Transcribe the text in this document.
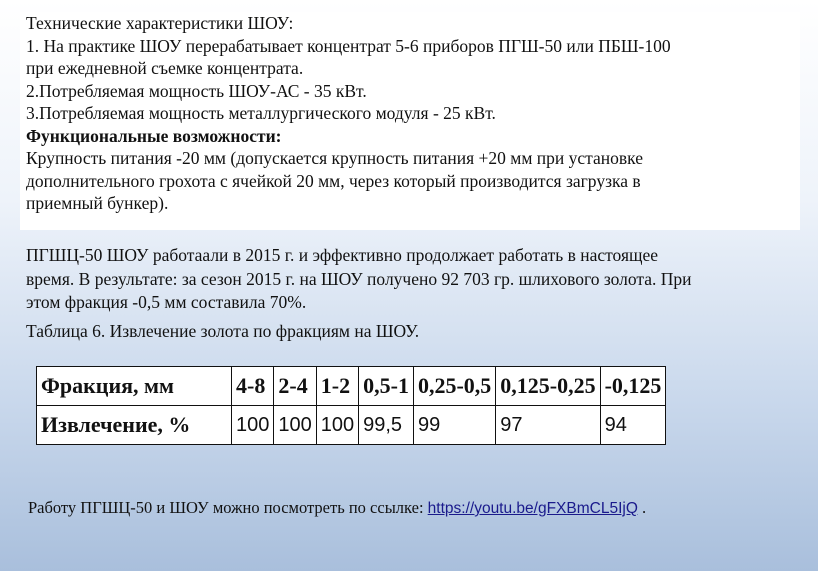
Технические характеристики ШОУ:
1. На практике ШОУ перерабатывает концентрат 5-6 приборов ПГШ-50 или ПБШ-100
при ежедневной съемке концентрата.
2.Потребляемая мощность ШОУ-АС - 35 кВт.
3.Потребляемая мощность металлургического модуля - 25 кВт.
Функциональные возможности:
Крупность питания -20 мм (допускается крупность питания +20 мм при установке
дополнительного грохота с ячейкой 20 мм, через который производится загрузка в
приемный бункер).
ПГШЦ-50 ШОУ работаали в 2015 г. и эффективно продолжает работать в настоящее
время. В результате: за сезон 2015 г. на ШОУ получено 92 703 гр. шлихового золота. При
этом фракция -0,5 мм составила 70%.
Таблица 6. Извлечение золота по фракциям на ШОУ.
Фракция, мм	4-8	2-4	1-2	0,5-1	0,25-0,5	0,125-0,25	-0,125
Извлечение, %	100	100	100	99,5	99	97	94
Работу ПГШЦ-50 и ШОУ можно посмотреть по ссылке: https://youtu.be/gFXBmCL5IjQ .
